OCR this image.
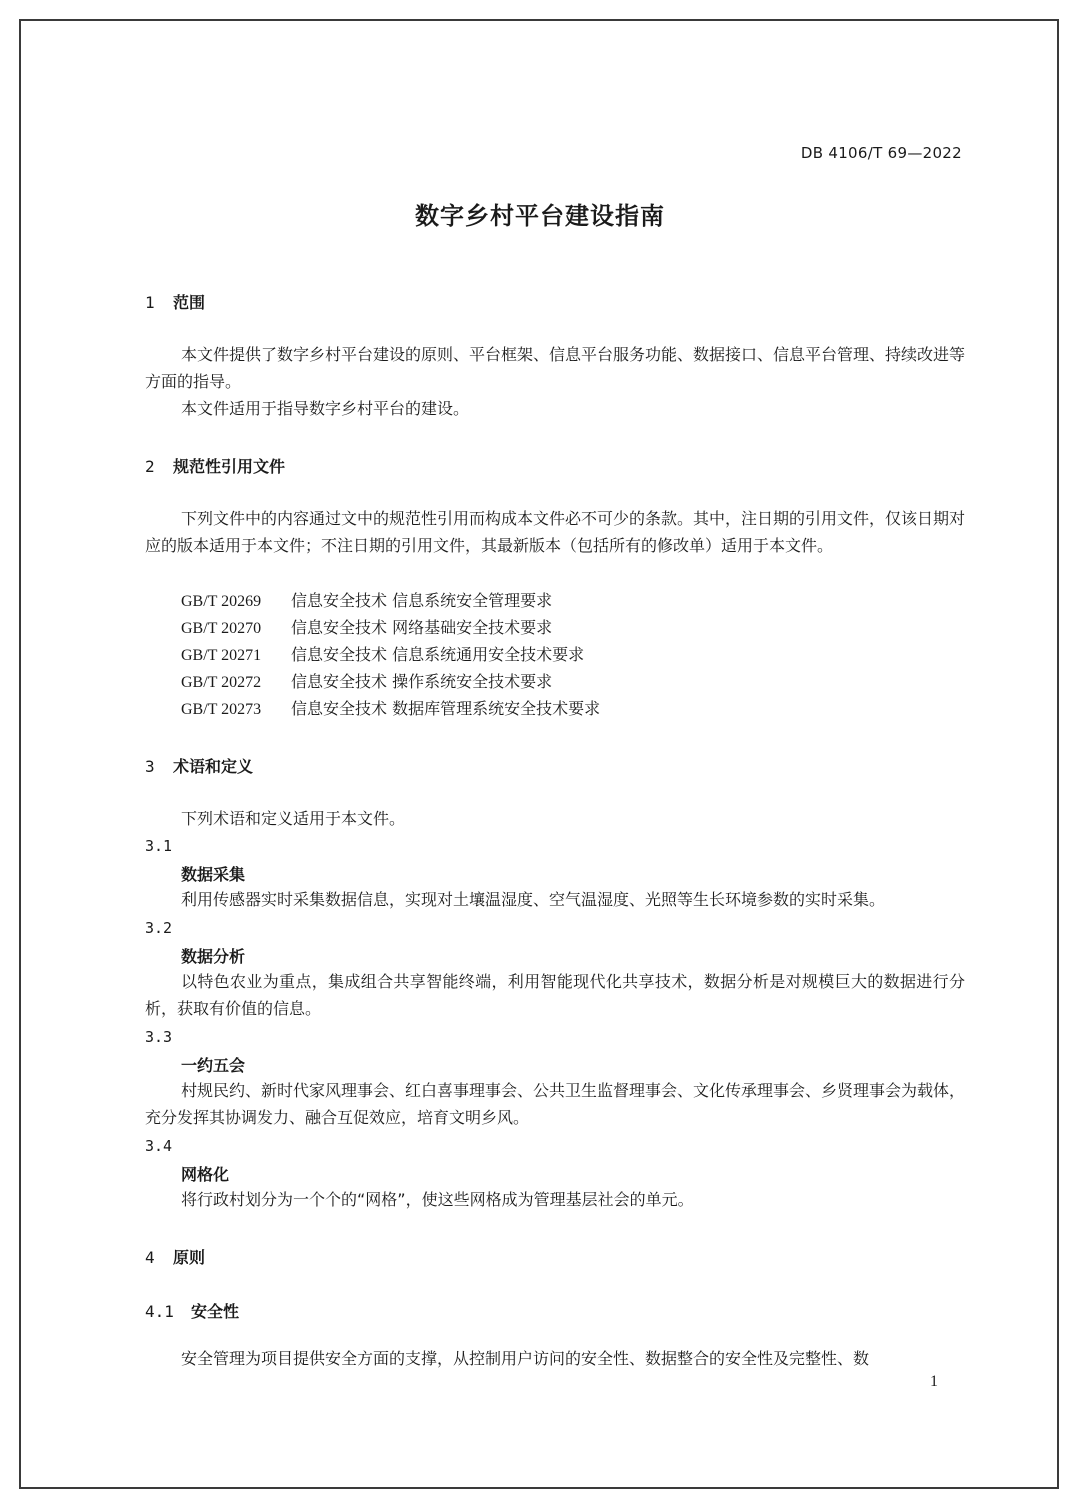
DB 4106/T 69—2022
数字乡村平台建设指南
1 范围
本文件提供了数字乡村平台建设的原则、平台框架、信息平台服务功能、数据接口、信息平台管理、持续改进等方面的指导。
本文件适用于指导数字乡村平台的建设。
2 规范性引用文件
下列文件中的内容通过文中的规范性引用而构成本文件必不可少的条款。其中，注日期的引用文件，仅该日期对应的版本适用于本文件；不注日期的引用文件，其最新版本（包括所有的修改单）适用于本文件。
GB/T 20269 信息安全技术 信息系统安全管理要求
GB/T 20270 信息安全技术 网络基础安全技术要求
GB/T 20271 信息安全技术 信息系统通用安全技术要求
GB/T 20272 信息安全技术 操作系统安全技术要求
GB/T 20273 信息安全技术 数据库管理系统安全技术要求
3 术语和定义
下列术语和定义适用于本文件。
3.1
数据采集
利用传感器实时采集数据信息，实现对土壤温湿度、空气温湿度、光照等生长环境参数的实时采集。
3.2
数据分析
以特色农业为重点，集成组合共享智能终端，利用智能现代化共享技术，数据分析是对规模巨大的数据进行分析，获取有价值的信息。
3.3
一约五会
村规民约、新时代家风理事会、红白喜事理事会、公共卫生监督理事会、文化传承理事会、乡贤理事会为载体，充分发挥其协调发力、融合互促效应，培育文明乡风。
3.4
网格化
将行政村划分为一个个的“网格”，使这些网格成为管理基层社会的单元。
4 原则
4.1 安全性
安全管理为项目提供安全方面的支撑，从控制用户访问的安全性、数据整合的安全性及完整性、数
1
